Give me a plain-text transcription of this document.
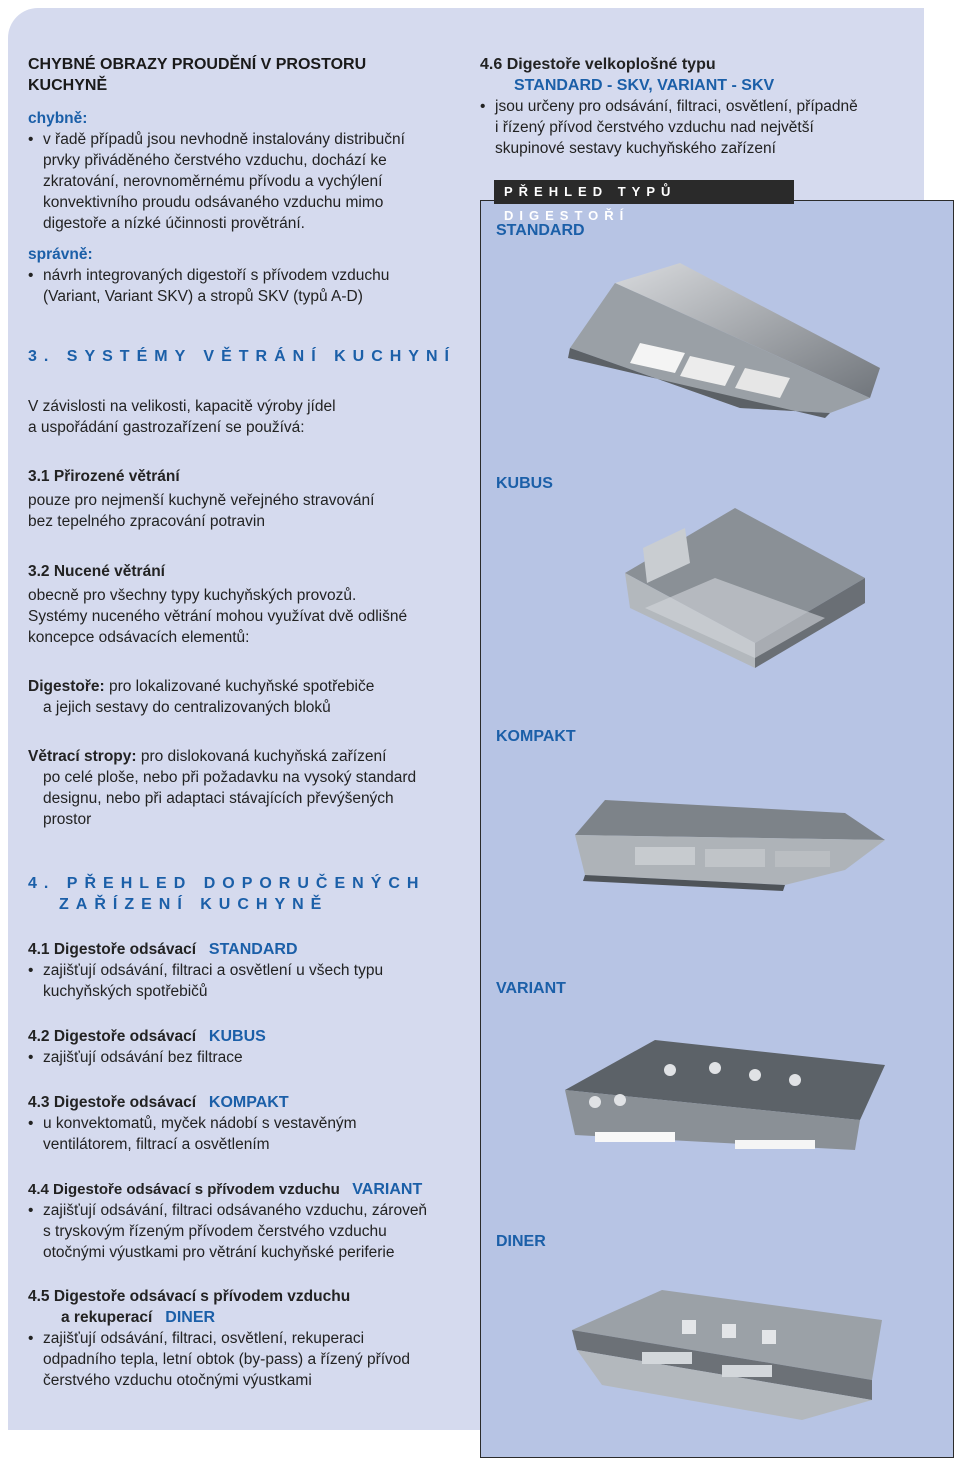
CHYBNÉ OBRAZY PROUDĚNÍ V PROSTORU
KUCHYNĚ
chybně:
• v řadě případů jsou nevhodně instalovány distribuční
prvky přiváděného čerstvého vzduchu, dochází ke
zkratování, nerovnoměrnému přívodu a vychýlení
konvektivního proudu odsávaného vzduchu mimo
digestoře a nízké účinnosti provětrání.
správně:
• návrh integrovaných digestoří s přívodem vzduchu
(Variant, Variant SKV) a stropů SKV (typů A-D)
3. SYSTÉMY VĚTRÁNÍ KUCHYNÍ
V závislosti na velikosti, kapacitě výroby jídel
a uspořádání gastrozařízení se používá:
3.1 Přirozené větrání
pouze pro nejmenší kuchyně veřejného stravování
bez tepelného zpracování potravin
3.2 Nucené větrání
obecně pro všechny typy kuchyňských provozů.
Systémy nuceného větrání mohou využívat dvě odlišné
koncepce odsávacích elementů:
Digestoře: pro lokalizované kuchyňské spotřebiče
a jejich sestavy do centralizovaných bloků
Větrací stropy: pro dislokovaná kuchyňská zařízení
po celé ploše, nebo při požadavku na vysoký standard
designu, nebo při adaptaci stávajících převýšených
prostor
4. PŘEHLED DOPORUČENÝCH
ZAŘÍZENÍ KUCHYNĚ
4.1 Digestoře odsávací STANDARD
• zajišťují odsávání, filtraci a osvětlení u všech typu
kuchyňských spotřebičů
4.2 Digestoře odsávací KUBUS
• zajišťují odsávání bez filtrace
4.3 Digestoře odsávací KOMPAKT
• u konvektomatů, myček nádobí s vestavěným
ventilátorem, filtrací a osvětlením
4.4 Digestoře odsávací s přívodem vzduchu VARIANT
• zajišťují odsávání, filtraci odsávaného vzduchu, zároveň
s tryskovým řízeným přívodem čerstvého vzduchu
otočnými výustkami pro větrání kuchyňské periferie
4.5 Digestoře odsávací s přívodem vzduchu
a rekuperací DINER
• zajišťují odsávání, filtraci, osvětlení, rekuperaci
odpadního tepla, letní obtok (by-pass) a řízený přívod
čerstvého vzduchu otočnými výustkami
4.6 Digestoře velkoplošné typu
STANDARD - SKV, VARIANT - SKV
• jsou určeny pro odsávání, filtraci, osvětlení, případně
i řízený přívod čerstvého vzduchu nad největší
skupinové sestavy kuchyňského zařízení
PŘEHLED TYPŮ DIGESTOŘÍ
STANDARD
KUBUS
KOMPAKT
VARIANT
DINER
